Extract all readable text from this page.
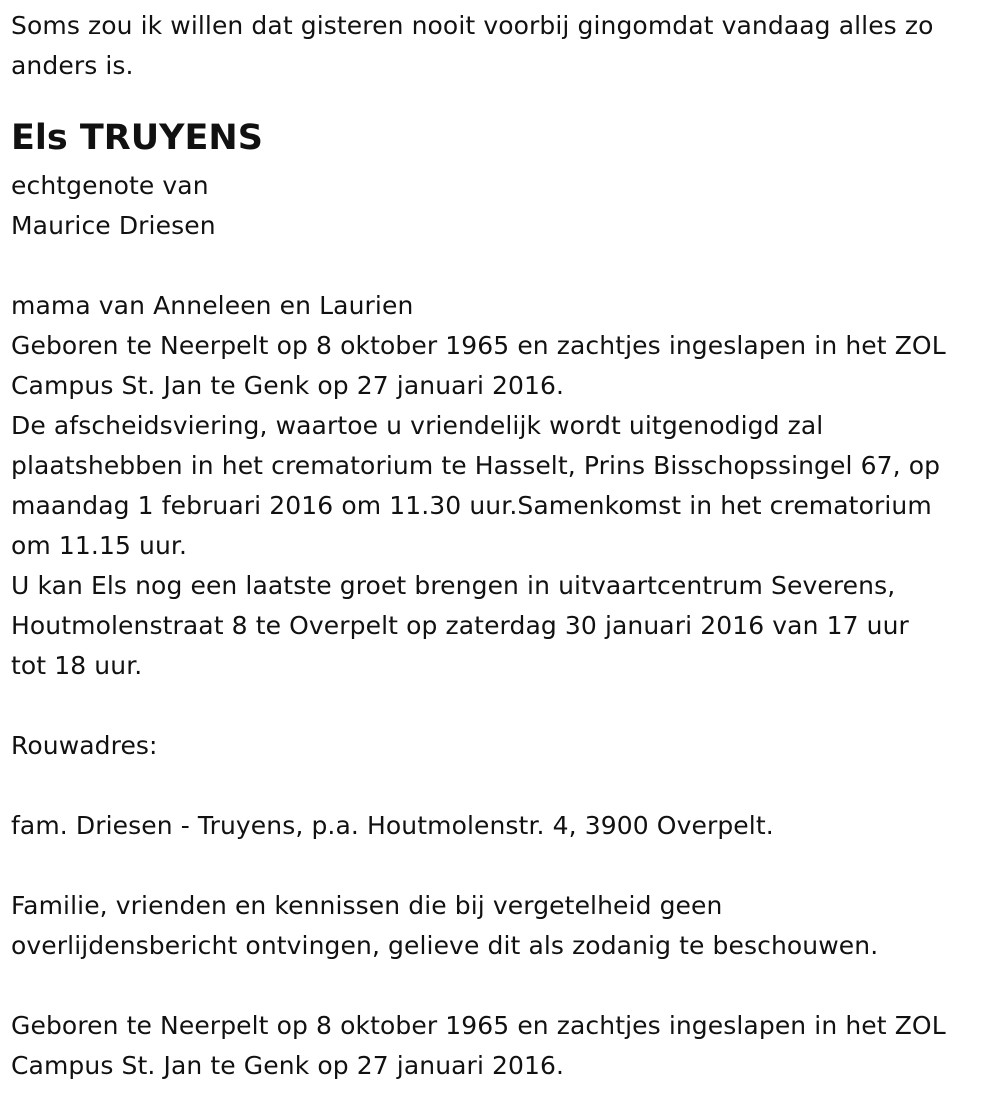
Soms zou ik willen dat gisteren nooit voorbij gingomdat vandaag alles zo
anders is.
Els TRUYENS
echtgenote van
Maurice Driesen
mama van Anneleen en Laurien
Geboren te Neerpelt op 8 oktober 1965 en zachtjes ingeslapen in het ZOL
Campus St. Jan te Genk op 27 januari 2016.
De afscheidsviering, waartoe u vriendelijk wordt uitgenodigd zal
plaatshebben in het crematorium te Hasselt, Prins Bisschopssingel 67, op
maandag 1 februari 2016 om 11.30 uur.Samenkomst in het crematorium
om 11.15 uur.
U kan Els nog een laatste groet brengen in uitvaartcentrum Severens,
Houtmolenstraat 8 te Overpelt op zaterdag 30 januari 2016 van 17 uur
tot 18 uur.
Rouwadres:
fam. Driesen - Truyens, p.a. Houtmolenstr. 4, 3900 Overpelt.
Familie, vrienden en kennissen die bij vergetelheid geen
overlijdensbericht ontvingen, gelieve dit als zodanig te beschouwen.
Geboren te Neerpelt op 8 oktober 1965 en zachtjes ingeslapen in het ZOL
Campus St. Jan te Genk op 27 januari 2016.
